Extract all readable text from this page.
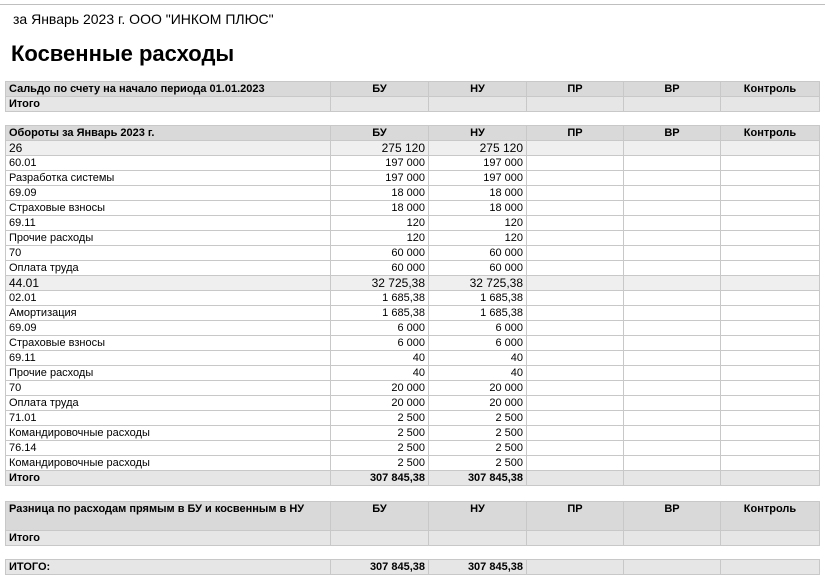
за Январь 2023 г. ООО "ИНКОМ ПЛЮС"
Косвенные расходы
Сальдо по счету на начало периода 01.01.2023	БУ	НУ	ПР	ВР	Контроль
Итого					
Обороты за Январь 2023 г.	БУ	НУ	ПР	ВР	Контроль
26	275 120	275 120			
60.01	197 000	197 000			
Разработка системы	197 000	197 000			
69.09	18 000	18 000			
Страховые взносы	18 000	18 000			
69.11	120	120			
Прочие расходы	120	120			
70	60 000	60 000			
Оплата труда	60 000	60 000			
44.01	32 725,38	32 725,38			
02.01	1 685,38	1 685,38			
Амортизация	1 685,38	1 685,38			
69.09	6 000	6 000			
Страховые взносы	6 000	6 000			
69.11	40	40			
Прочие расходы	40	40			
70	20 000	20 000			
Оплата труда	20 000	20 000			
71.01	2 500	2 500			
Командировочные расходы	2 500	2 500			
76.14	2 500	2 500			
Командировочные расходы	2 500	2 500			
Итого	307 845,38	307 845,38			
Разница по расходам прямым в БУ и косвенным в НУ	БУ	НУ	ПР	ВР	Контроль
Итого					
ИТОГО:	307 845,38	307 845,38			
